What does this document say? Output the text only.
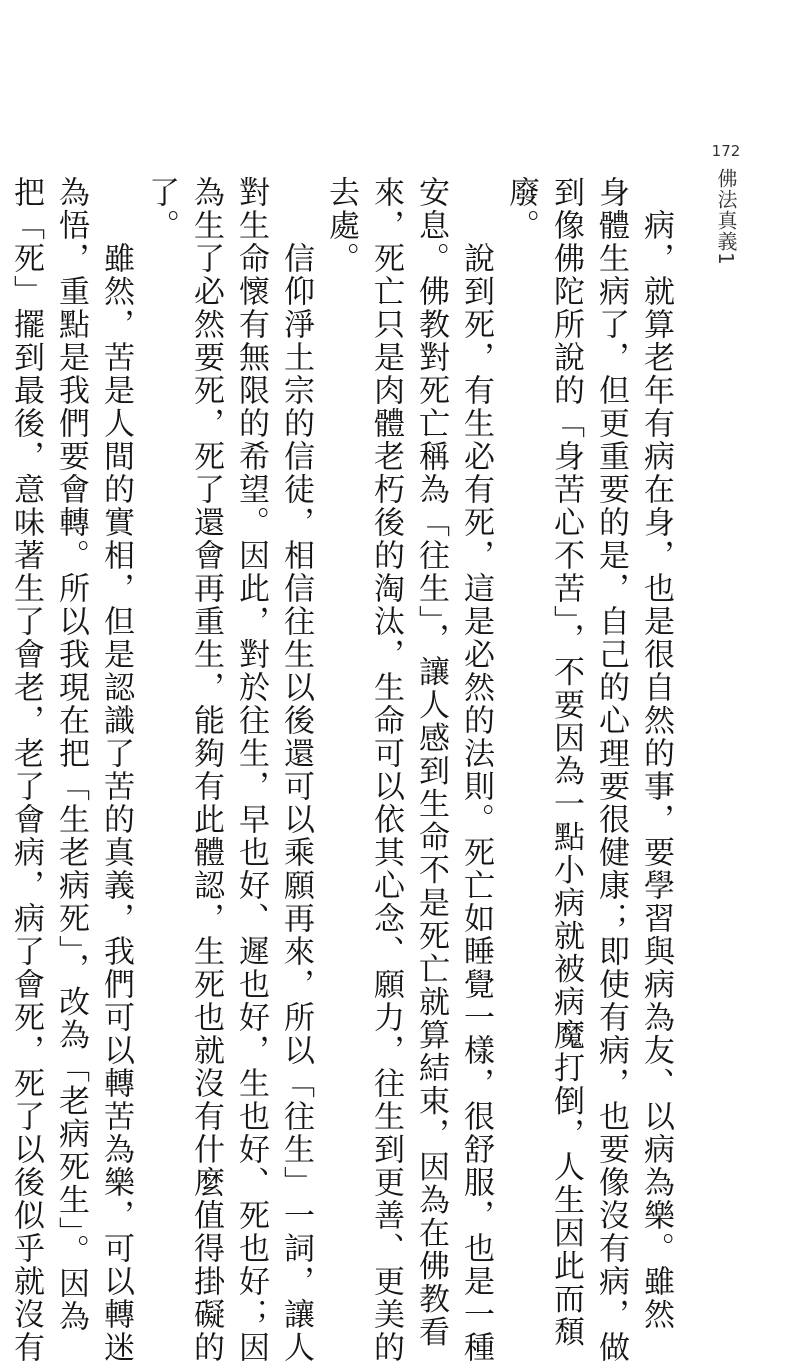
172
佛法真義1
　病，就算老年有病在身，也是很自然的事，要學習與病為友、以病為樂。雖然
身體生病了，但更重要的是，自己的心理要很健康；即使有病，也要像沒有病，做
到像佛陀所說的「身苦心不苦」，不要因為一點小病就被病魔打倒，人生因此而頹
廢。
　　說到死，有生必有死，這是必然的法則。死亡如睡覺一樣，很舒服，也是一種
安息。佛教對死亡稱為「往生」，讓人感到生命不是死亡就算結束，因為在佛教看
來，死亡只是肉體老朽後的淘汰，生命可以依其心念、願力，往生到更善、更美的
去處。
　　信仰淨土宗的信徒，相信往生以後還可以乘願再來，所以「往生」一詞，讓人
對生命懷有無限的希望。因此，對於往生，早也好、遲也好，生也好、死也好；因
為生了必然要死，死了還會再重生，能夠有此體認，生死也就沒有什麼值得掛礙的
了。
　　雖然，苦是人間的實相，但是認識了苦的真義，我們可以轉苦為樂，可以轉迷
為悟，重點是我們要會轉。所以我現在把「生老病死」，改為「老病死生」。因為
把「死」擺到最後，意味著生了會老，老了會病，病了會死，死了以後似乎就沒有
